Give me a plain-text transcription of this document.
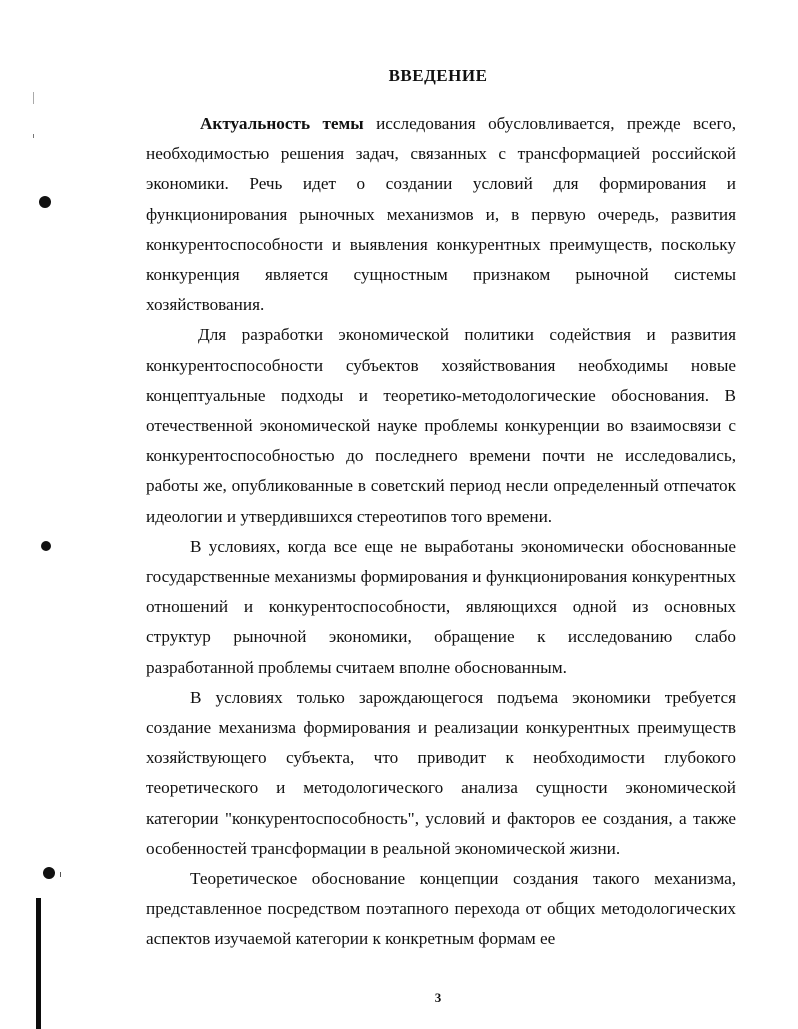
ВВЕДЕНИЕ

Актуальность темы исследования обусловливается, прежде всего, необходимостью решения задач, связанных с трансформацией российской экономики. Речь идет о создании условий для формирования и функционирования рыночных механизмов и, в первую очередь, развития конкурентоспособности и выявления конкурентных преимуществ, поскольку конкуренция является сущностным признаком рыночной системы хозяйствования.

Для разработки экономической политики содействия и развития конкурентоспособности субъектов хозяйствования необходимы новые концептуальные подходы и теоретико-методологические обоснования. В отечественной экономической науке проблемы конкуренции во взаимосвязи с конкурентоспособностью до последнего времени почти не исследовались, работы же, опубликованные в советский период несли определенный отпечаток идеологии и утвердившихся стереотипов того времени.

В условиях, когда все еще не выработаны экономически обоснованные государственные механизмы формирования и функционирования конкурентных отношений и конкурентоспособности, являющихся одной из основных структур рыночной экономики, обращение к исследованию слабо разработанной проблемы считаем вполне обоснованным.

В условиях только зарождающегося подъема экономики требуется создание механизма формирования и реализации конкурентных преимуществ хозяйствующего субъекта, что приводит к необходимости глубокого теоретического и методологического анализа сущности экономической категории "конкурентоспособность", условий и факторов ее создания, а также особенностей трансформации в реальной экономической жизни.

Теоретическое обоснование концепции создания такого механизма, представленное посредством поэтапного перехода от общих методологических аспектов изучаемой категории к конкретным формам ее

3
